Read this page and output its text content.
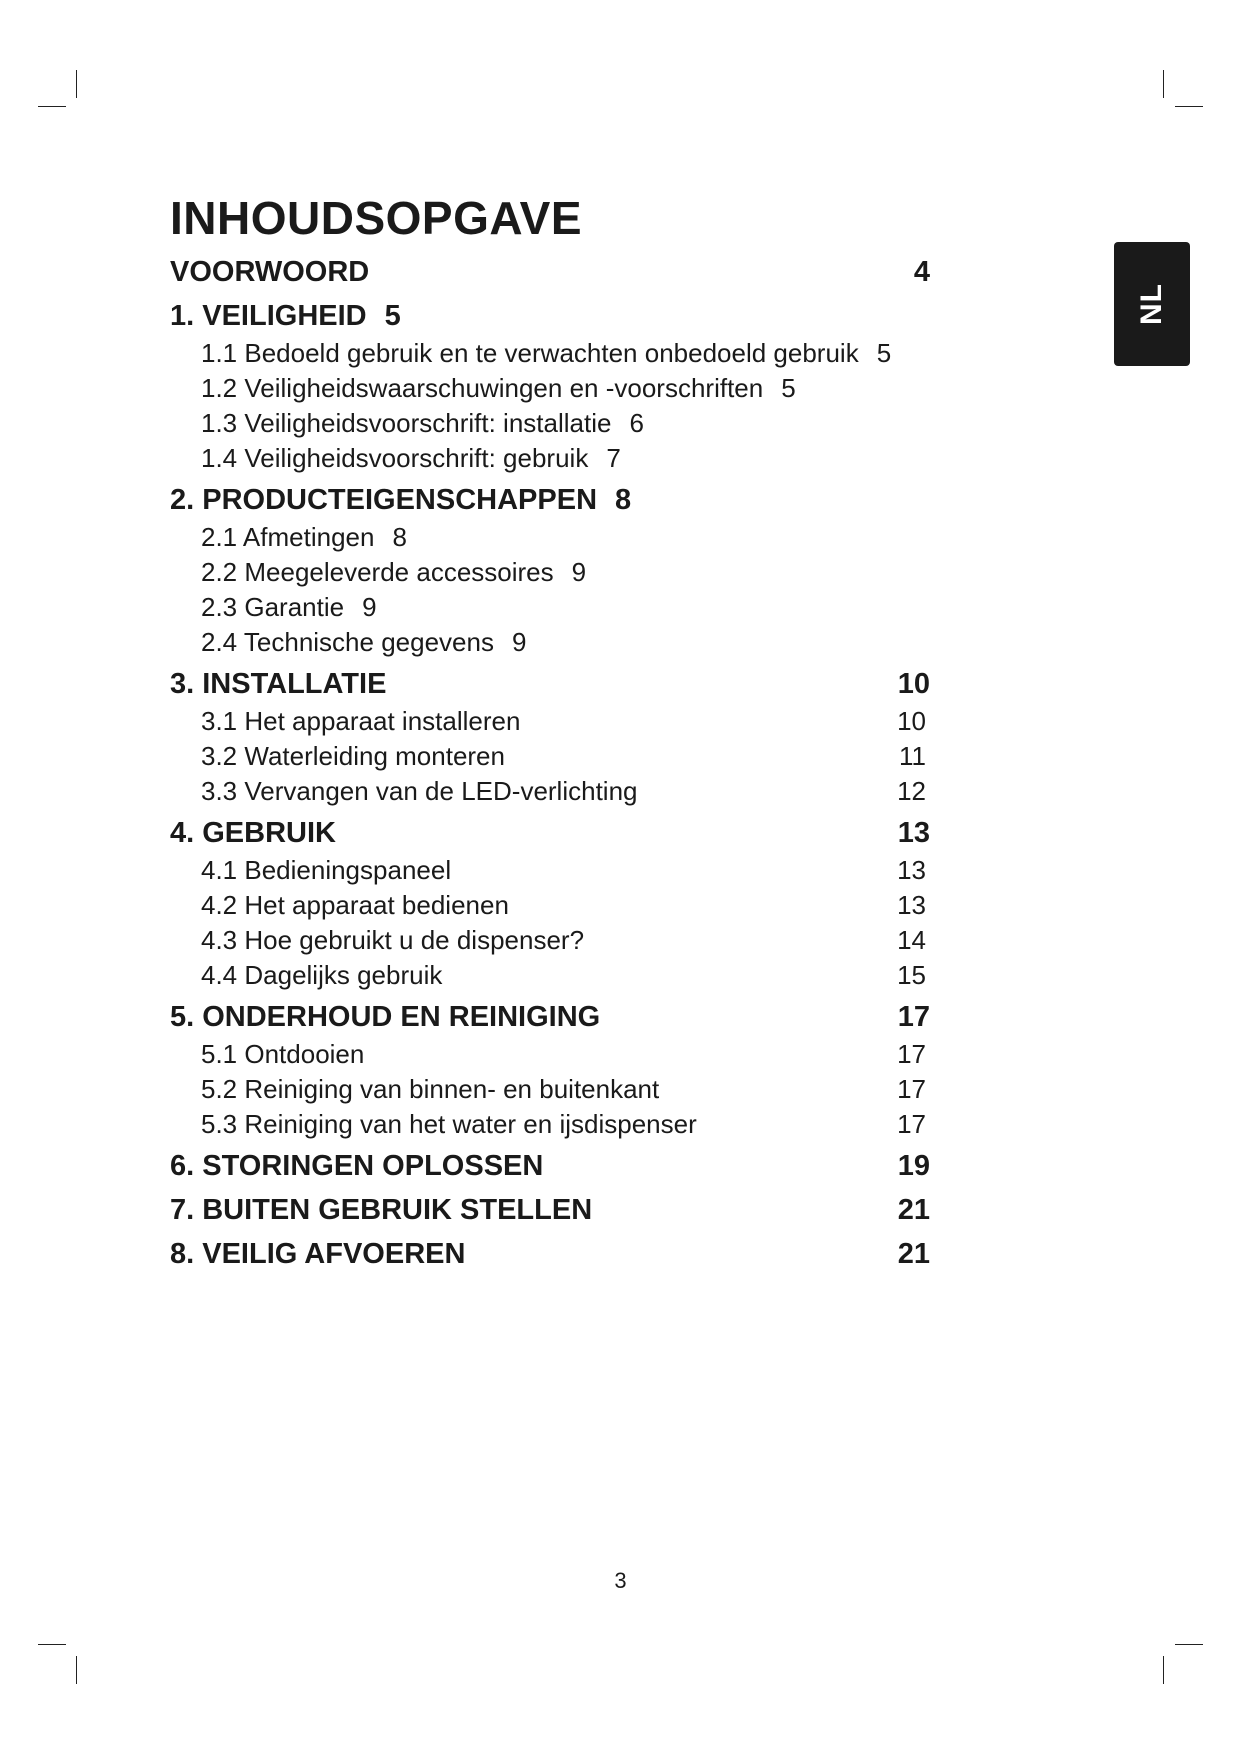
INHOUDSOPGAVE
VOORWOORD	4
1. VEILIGHEID 5
1.1 Bedoeld gebruik en te verwachten onbedoeld gebruik 5
1.2 Veiligheidswaarschuwingen en -voorschriften 5
1.3 Veiligheidsvoorschrift: installatie 6
1.4 Veiligheidsvoorschrift: gebruik 7
2. PRODUCTEIGENSCHAPPEN 8
2.1 Afmetingen 8
2.2 Meegeleverde accessoires 9
2.3 Garantie 9
2.4 Technische gegevens 9
3. INSTALLATIE	10
3.1 Het apparaat installeren	10
3.2 Waterleiding monteren	11
3.3 Vervangen van de LED-verlichting	12
4. GEBRUIK	13
4.1 Bedieningspaneel	13
4.2 Het apparaat bedienen	13
4.3 Hoe gebruikt u de dispenser?	14
4.4 Dagelijks gebruik	15
5. ONDERHOUD EN REINIGING	17
5.1 Ontdooien	17
5.2 Reiniging van binnen- en buitenkant	17
5.3 Reiniging van het water en ijsdispenser	17
6. STORINGEN OPLOSSEN	19
7. BUITEN GEBRUIK STELLEN	21
8. VEILIG AFVOEREN	21
NL
3
